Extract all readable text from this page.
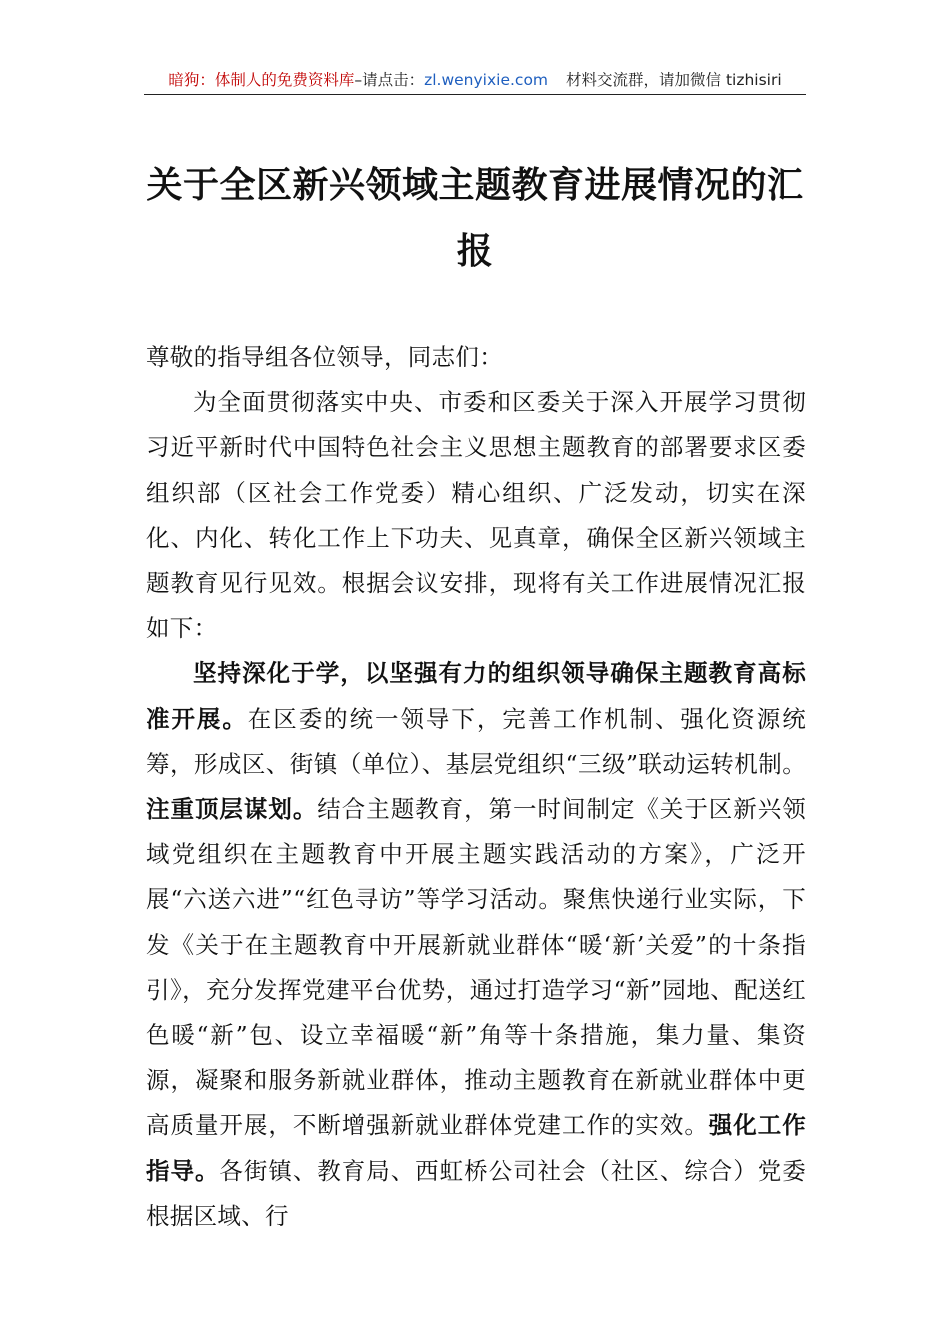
暗狗：体制人的免费资料库–请点击：zl.wenyixie.com 材料交流群，请加微信 tizhisiri
关于全区新兴领域主题教育进展情况的汇
报

尊敬的指导组各位领导，同志们：

为全面贯彻落实中央、市委和区委关于深入开展学习贯彻习近平新时代中国特色社会主义思想主题教育的部署要求区委组织部（区社会工作党委）精心组织、广泛发动，切实在深化、内化、转化工作上下功夫、见真章，确保全区新兴领域主题教育见行见效。根据会议安排，现将有关工作进展情况汇报如下：

坚持深化于学，以坚强有力的组织领导确保主题教育高标准开展。在区委的统一领导下，完善工作机制、强化资源统筹，形成区、街镇（单位）、基层党组织“三级”联动运转机制。注重顶层谋划。结合主题教育，第一时间制定《关于区新兴领域党组织在主题教育中开展主题实践活动的方案》，广泛开展“六送六进”“红色寻访”等学习活动。聚焦快递行业实际，下发《关于在主题教育中开展新就业群体“暖‘新’关爱”的十条指引》，充分发挥党建平台优势，通过打造学习“新”园地、配送红色暖“新”包、设立幸福暖“新”角等十条措施，集力量、集资源，凝聚和服务新就业群体，推动主题教育在新就业群体中更高质量开展，不断增强新就业群体党建工作的实效。强化工作指导。各街镇、教育局、西虹桥公司社会（社区、综合）党委根据区域、行
